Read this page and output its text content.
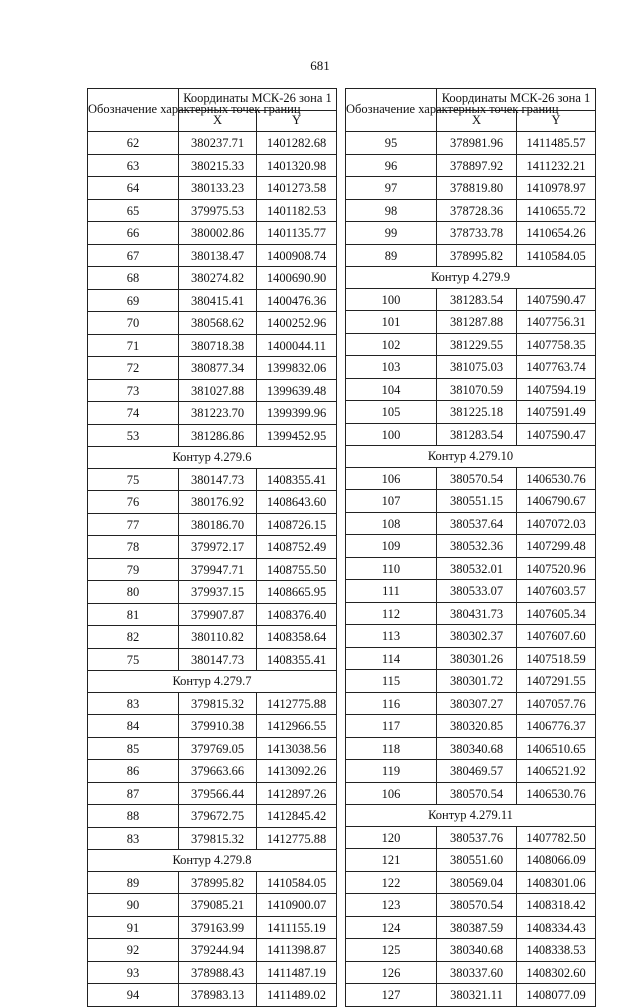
681
Обозначение характерных точек границ	Координаты МСК-26 зона 1	
	X	Y
62	380237.71	1401282.68
63	380215.33	1401320.98
64	380133.23	1401273.58
65	379975.53	1401182.53
66	380002.86	1401135.77
67	380138.47	1400908.74
68	380274.82	1400690.90
69	380415.41	1400476.36
70	380568.62	1400252.96
71	380718.38	1400044.11
72	380877.34	1399832.06
73	381027.88	1399639.48
74	381223.70	1399399.96
53	381286.86	1399452.95
Контур 4.279.6		
75	380147.73	1408355.41
76	380176.92	1408643.60
77	380186.70	1408726.15
78	379972.17	1408752.49
79	379947.71	1408755.50
80	379937.15	1408665.95
81	379907.87	1408376.40
82	380110.82	1408358.64
75	380147.73	1408355.41
Контур 4.279.7		
83	379815.32	1412775.88
84	379910.38	1412966.55
85	379769.05	1413038.56
86	379663.66	1413092.26
87	379566.44	1412897.26
88	379672.75	1412845.42
83	379815.32	1412775.88
Контур 4.279.8		
89	378995.82	1410584.05
90	379085.21	1410900.07
91	379163.99	1411155.19
92	379244.94	1411398.87
93	378988.43	1411487.19
94	378983.13	1411489.02
Обозначение характерных точек границ	Координаты МСК-26 зона 1	
	X	Y
95	378981.96	1411485.57
96	378897.92	1411232.21
97	378819.80	1410978.97
98	378728.36	1410655.72
99	378733.78	1410654.26
89	378995.82	1410584.05
Контур 4.279.9		
100	381283.54	1407590.47
101	381287.88	1407756.31
102	381229.55	1407758.35
103	381075.03	1407763.74
104	381070.59	1407594.19
105	381225.18	1407591.49
100	381283.54	1407590.47
Контур 4.279.10		
106	380570.54	1406530.76
107	380551.15	1406790.67
108	380537.64	1407072.03
109	380532.36	1407299.48
110	380532.01	1407520.96
111	380533.07	1407603.57
112	380431.73	1407605.34
113	380302.37	1407607.60
114	380301.26	1407518.59
115	380301.72	1407291.55
116	380307.27	1407057.76
117	380320.85	1406776.37
118	380340.68	1406510.65
119	380469.57	1406521.92
106	380570.54	1406530.76
Контур 4.279.11		
120	380537.76	1407782.50
121	380551.60	1408066.09
122	380569.04	1408301.06
123	380570.54	1408318.42
124	380387.59	1408334.43
125	380340.68	1408338.53
126	380337.60	1408302.60
127	380321.11	1408077.09
